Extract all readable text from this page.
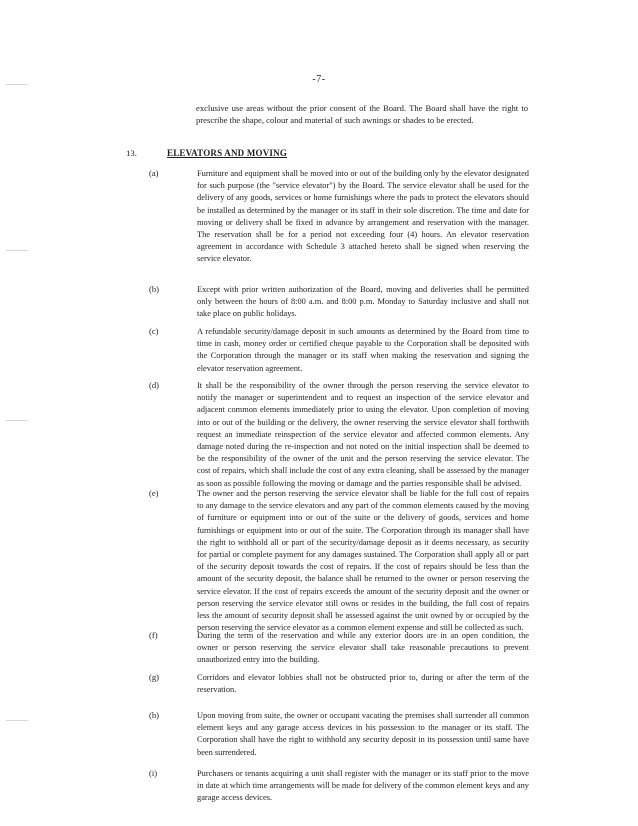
-7-
exclusive use areas without the prior consent of the Board. The Board shall have the right to prescribe the shape, colour and material of such awnings or shades to be erected.
13.	ELEVATORS AND MOVING
(a)	Furniture and equipment shall be moved into or out of the building only by the elevator designated for such purpose (the "service elevator") by the Board. The service elevator shall be used for the delivery of any goods, services or home furnishings where the pads to protect the elevators should be installed as determined by the manager or its staff in their sole discretion. The time and date for moving or delivery shall be fixed in advance by arrangement and reservation with the manager. The reservation shall be for a period not exceeding four (4) hours. An elevator reservation agreement in accordance with Schedule 3 attached hereto shall be signed when reserving the service elevator.
(b)	Except with prior written authorization of the Board, moving and deliveries shall be permitted only between the hours of 8:00 a.m. and 8:00 p.m. Monday to Saturday inclusive and shall not take place on public holidays.
(c)	A refundable security/damage deposit in such amounts as determined by the Board from time to time in cash, money order or certified cheque payable to the Corporation shall be deposited with the Corporation through the manager or its staff when making the reservation and signing the elevator reservation agreement.
(d)	It shall be the responsibility of the owner through the person reserving the service elevator to notify the manager or superintendent and to request an inspection of the service elevator and adjacent common elements immediately prior to using the elevator. Upon completion of moving into or out of the building or the delivery, the owner reserving the service elevator shall forthwith request an immediate reinspection of the service elevator and affected common elements. Any damage noted during the re-inspection and not noted on the initial inspection shall be deemed to be the responsibility of the owner of the unit and the person reserving the service elevator. The cost of repairs, which shall include the cost of any extra cleaning, shall be assessed by the manager as soon as possible following the moving or damage and the parties responsible shall be advised.
(e)	The owner and the person reserving the service elevator shall be liable for the full cost of repairs to any damage to the service elevators and any part of the common elements caused by the moving of furniture or equipment into or out of the suite or the delivery of goods, services and home furnishings or equipment into or out of the suite. The Corporation through its manager shall have the right to withhold all or part of the security/damage deposit as it deems necessary, as security for partial or complete payment for any damages sustained. The Corporation shall apply all or part of the security deposit towards the cost of repairs. If the cost of repairs should be less than the amount of the security deposit, the balance shall be returned to the owner or person reserving the service elevator. If the cost of repairs exceeds the amount of the security deposit and the owner or person reserving the service elevator still owns or resides in the building, the full cost of repairs less the amount of security deposit shall be assessed against the unit owned by or occupied by the person reserving the service elevator as a common element expense and still be collected as such.
(f)	During the term of the reservation and while any exterior doors are in an open condition, the owner or person reserving the service elevator shall take reasonable precautions to prevent unauthorized entry into the building.
(g)	Corridors and elevator lobbies shall not be obstructed prior to, during or after the term of the reservation.
(h)	Upon moving from suite, the owner or occupant vacating the premises shall surrender all common element keys and any garage access devices in his possession to the manager or its staff. The Corporation shall have the right to withhold any security deposit in its possession until same have been surrendered.
(i)	Purchasers or tenants acquiring a unit shall register with the manager or its staff prior to the move in date at which time arrangements will be made for delivery of the common element keys and any garage access devices.
